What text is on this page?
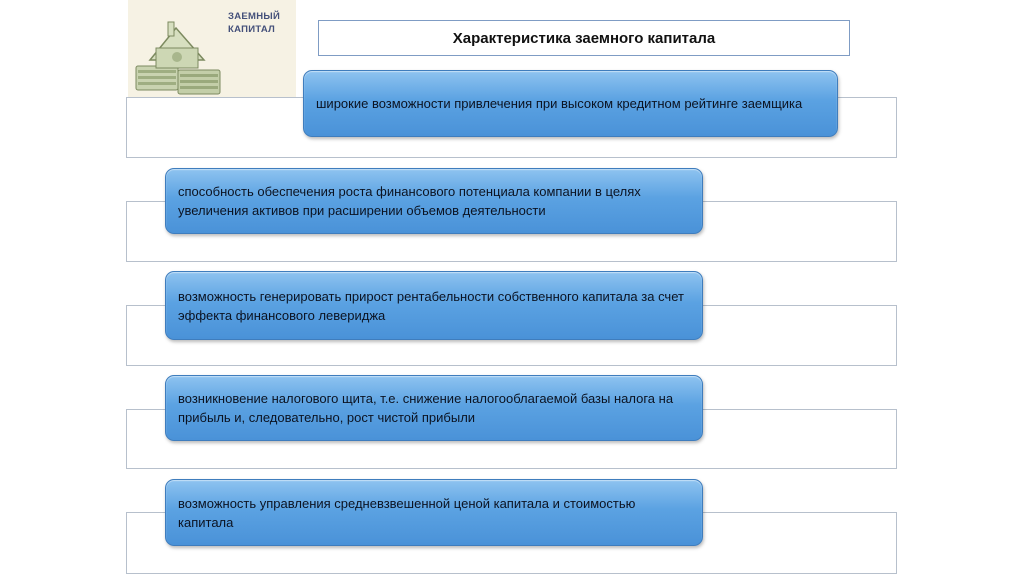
ЗАЕМНЫЙ
КАПИТАЛ	Характеристика заемного капитала
широкие возможности привлечения при высоком кредитном рейтинге заемщика
способность обеспечения роста финансового потенциала компании в целях увеличения активов при расширении объемов деятельности
возможность генерировать прирост рентабельности собственного капитала за счет эффекта финансового левериджа
возникновение налогового щита, т.е. снижение налогооблагаемой базы налога на прибыль и, следовательно, рост чистой прибыли
возможность управления средневзвешенной ценой капитала и стоимостью капитала
